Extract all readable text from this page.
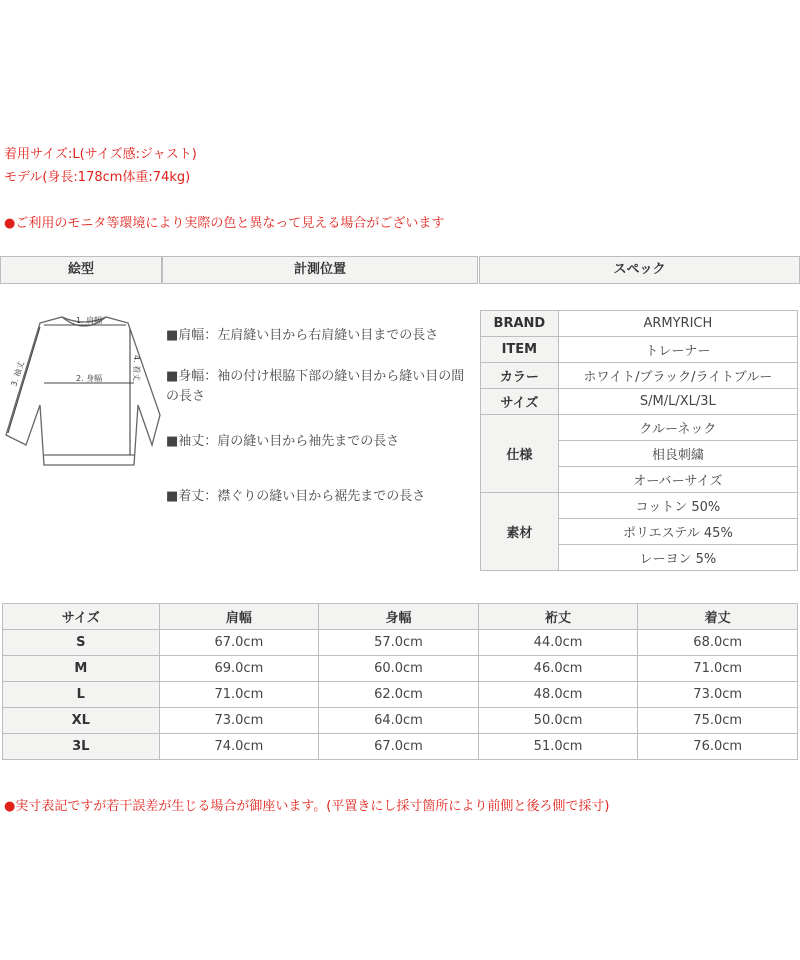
着用サイズ:L(サイズ感:ジャスト)
モデル(身長:178cm体重:74kg)
●ご利用のモニタ等環境により実際の色と異なって見える場合がございます
絵型	計測位置	スペック
1. 肩幅
2. 身幅
3. 袖丈	4. 着丈
■肩幅：左肩縫い目から右肩縫い目までの長さ
■身幅：袖の付け根脇下部の縫い目から縫い目の間の長さ
■袖丈：肩の縫い目から袖先までの長さ
■着丈：襟ぐりの縫い目から裾先までの長さ
BRAND	ARMYRICH
ITEM	トレーナー
カラー	ホワイト/ブラック/ライトブルー
サイズ	S/M/L/XL/3L
仕様	クルーネック
	相良刺繍
	オーバーサイズ
素材	コットン 50%
	ポリエステル 45%
	レーヨン 5%
サイズ	肩幅	身幅	裄丈	着丈
S	67.0cm	57.0cm	44.0cm	68.0cm
M	69.0cm	60.0cm	46.0cm	71.0cm
L	71.0cm	62.0cm	48.0cm	73.0cm
XL	73.0cm	64.0cm	50.0cm	75.0cm
3L	74.0cm	67.0cm	51.0cm	76.0cm
●実寸表記ですが若干誤差が生じる場合が御座います。(平置きにし採寸箇所により前側と後ろ側で採寸)
